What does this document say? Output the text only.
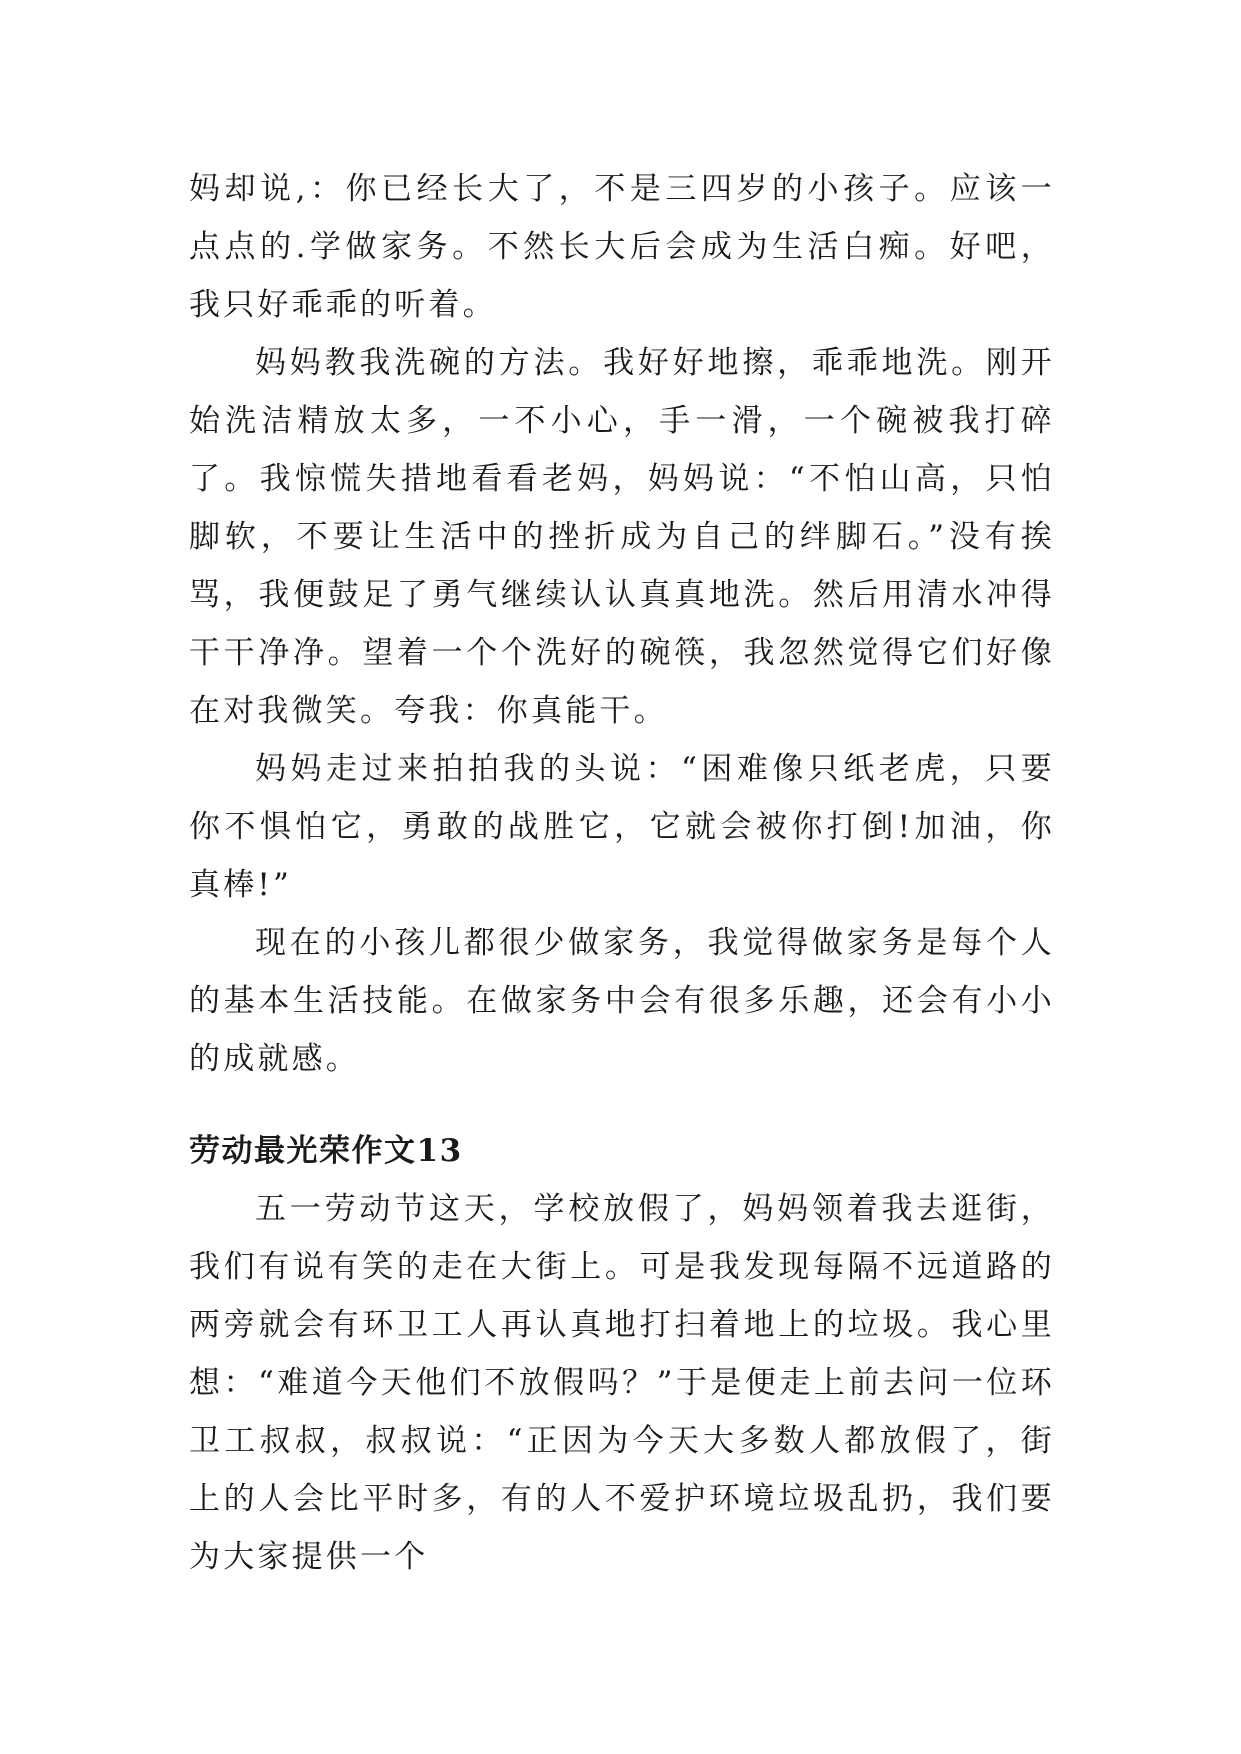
妈却说,：你已经长大了，不是三四岁的小孩子。应该一点点的.学做家务。不然长大后会成为生活白痴。好吧，我只好乖乖的听着。

妈妈教我洗碗的方法。我好好地擦，乖乖地洗。刚开始洗洁精放太多，一不小心，手一滑，一个碗被我打碎了。我惊慌失措地看看老妈，妈妈说：“不怕山高，只怕脚软，不要让生活中的挫折成为自己的绊脚石。”没有挨骂，我便鼓足了勇气继续认认真真地洗。然后用清水冲得干干净净。望着一个个洗好的碗筷，我忽然觉得它们好像在对我微笑。夸我：你真能干。

妈妈走过来拍拍我的头说：“困难像只纸老虎，只要你不惧怕它，勇敢的战胜它，它就会被你打倒!加油，你真棒!”

现在的小孩儿都很少做家务，我觉得做家务是每个人的基本生活技能。在做家务中会有很多乐趣，还会有小小的成就感。

劳动最光荣作文13

五一劳动节这天，学校放假了，妈妈领着我去逛街，我们有说有笑的走在大街上。可是我发现每隔不远道路的两旁就会有环卫工人再认真地打扫着地上的垃圾。我心里想：“难道今天他们不放假吗？”于是便走上前去问一位环卫工叔叔，叔叔说：“正因为今天大多数人都放假了，街上的人会比平时多，有的人不爱护环境垃圾乱扔，我们要为大家提供一个
